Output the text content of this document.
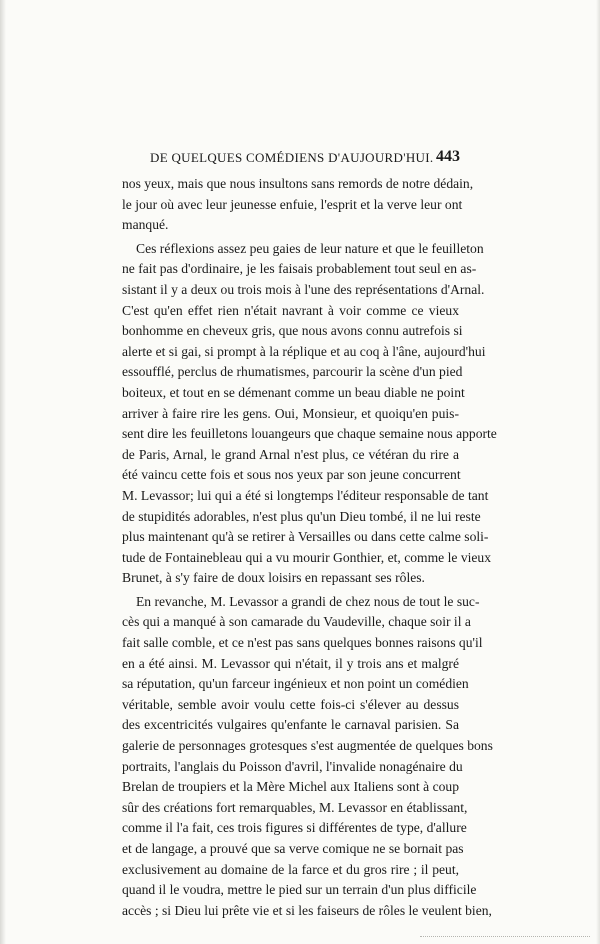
DE QUELQUES COMÉDIENS D'AUJOURD'HUI. 443
nos yeux, mais que nous insultons sans remords de notre dédain,
le jour où avec leur jeunesse enfuie, l'esprit et la verve leur ont
manqué.
Ces réflexions assez peu gaies de leur nature et que le feuilleton
ne fait pas d'ordinaire, je les faisais probablement tout seul en as-
sistant il y a deux ou trois mois à l'une des représentations d'Arnal.
C'est qu'en effet rien n'était navrant à voir comme ce vieux
bonhomme en cheveux gris, que nous avons connu autrefois si
alerte et si gai, si prompt à la réplique et au coq à l'âne, aujourd'hui
essoufflé, perclus de rhumatismes, parcourir la scène d'un pied
boiteux, et tout en se démenant comme un beau diable ne point
arriver à faire rire les gens. Oui, Monsieur, et quoiqu'en puis-
sent dire les feuilletons louangeurs que chaque semaine nous apporte
de Paris, Arnal, le grand Arnal n'est plus, ce vétéran du rire a
été vaincu cette fois et sous nos yeux par son jeune concurrent
M. Levassor; lui qui a été si longtemps l'éditeur responsable de tant
de stupidités adorables, n'est plus qu'un Dieu tombé, il ne lui reste
plus maintenant qu'à se retirer à Versailles ou dans cette calme soli-
tude de Fontainebleau qui a vu mourir Gonthier, et, comme le vieux
Brunet, à s'y faire de doux loisirs en repassant ses rôles.
En revanche, M. Levassor a grandi de chez nous de tout le suc-
cès qui a manqué à son camarade du Vaudeville, chaque soir il a
fait salle comble, et ce n'est pas sans quelques bonnes raisons qu'il
en a été ainsi. M. Levassor qui n'était, il y trois ans et malgré
sa réputation, qu'un farceur ingénieux et non point un comédien
véritable, semble avoir voulu cette fois-ci s'élever au dessus
des excentricités vulgaires qu'enfante le carnaval parisien. Sa
galerie de personnages grotesques s'est augmentée de quelques bons
portraits, l'anglais du Poisson d'avril, l'invalide nonagénaire du
Brelan de troupiers et la Mère Michel aux Italiens sont à coup
sûr des créations fort remarquables, M. Levassor en établissant,
comme il l'a fait, ces trois figures si différentes de type, d'allure
et de langage, a prouvé que sa verve comique ne se bornait pas
exclusivement au domaine de la farce et du gros rire ; il peut,
quand il le voudra, mettre le pied sur un terrain d'un plus difficile
accès ; si Dieu lui prête vie et si les faiseurs de rôles le veulent bien,
